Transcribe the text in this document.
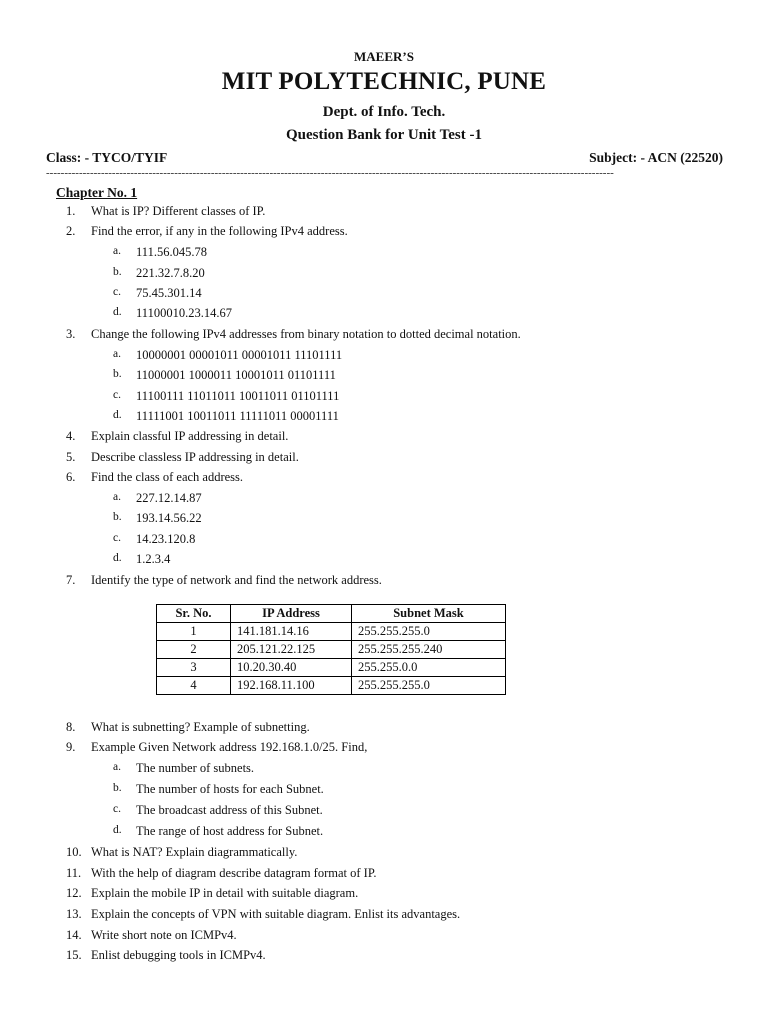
MAEER’S
MIT POLYTECHNIC, PUNE
Dept. of Info. Tech.
Question Bank for Unit Test -1
Class: - TYCO/TYIF	Subject: - ACN (22520)
-----------------------------------------------------------------------------------------------------------------------------------------------------------
Chapter No. 1
1.	What is IP? Different classes of IP.
2.	Find the error, if any in the following IPv4 address.
a.	111.56.045.78
b.	221.32.7.8.20
c.	75.45.301.14
d.	11100010.23.14.67
3.	Change the following IPv4 addresses from binary notation to dotted decimal notation.
a.	10000001 00001011 00001011 11101111
b.	11000001 1000011 10001011 01101111
c.	11100111 11011011 10011011 01101111
d.	11111001 10011011 11111011 00001111
4.	Explain classful IP addressing in detail.
5.	Describe classless IP addressing in detail.
6.	Find the class of each address.
a.	227.12.14.87
b.	193.14.56.22
c.	14.23.120.8
d.	1.2.3.4
7.	Identify the type of network and find the network address.
Sr. No.	IP Address	Subnet Mask
1	141.181.14.16	255.255.255.0
2	205.121.22.125	255.255.255.240
3	10.20.30.40	255.255.0.0
4	192.168.11.100	255.255.255.0
8.	What is subnetting? Example of subnetting.
9.	Example Given Network address 192.168.1.0/25. Find,
a.	The number of subnets.
b.	The number of hosts for each Subnet.
c.	The broadcast address of this Subnet.
d.	The range of host address for Subnet.
10. What is NAT? Explain diagrammatically.
11. With the help of diagram describe datagram format of IP.
12. Explain the mobile IP in detail with suitable diagram.
13. Explain the concepts of VPN with suitable diagram. Enlist its advantages.
14. Write short note on ICMPv4.
15. Enlist debugging tools in ICMPv4.
